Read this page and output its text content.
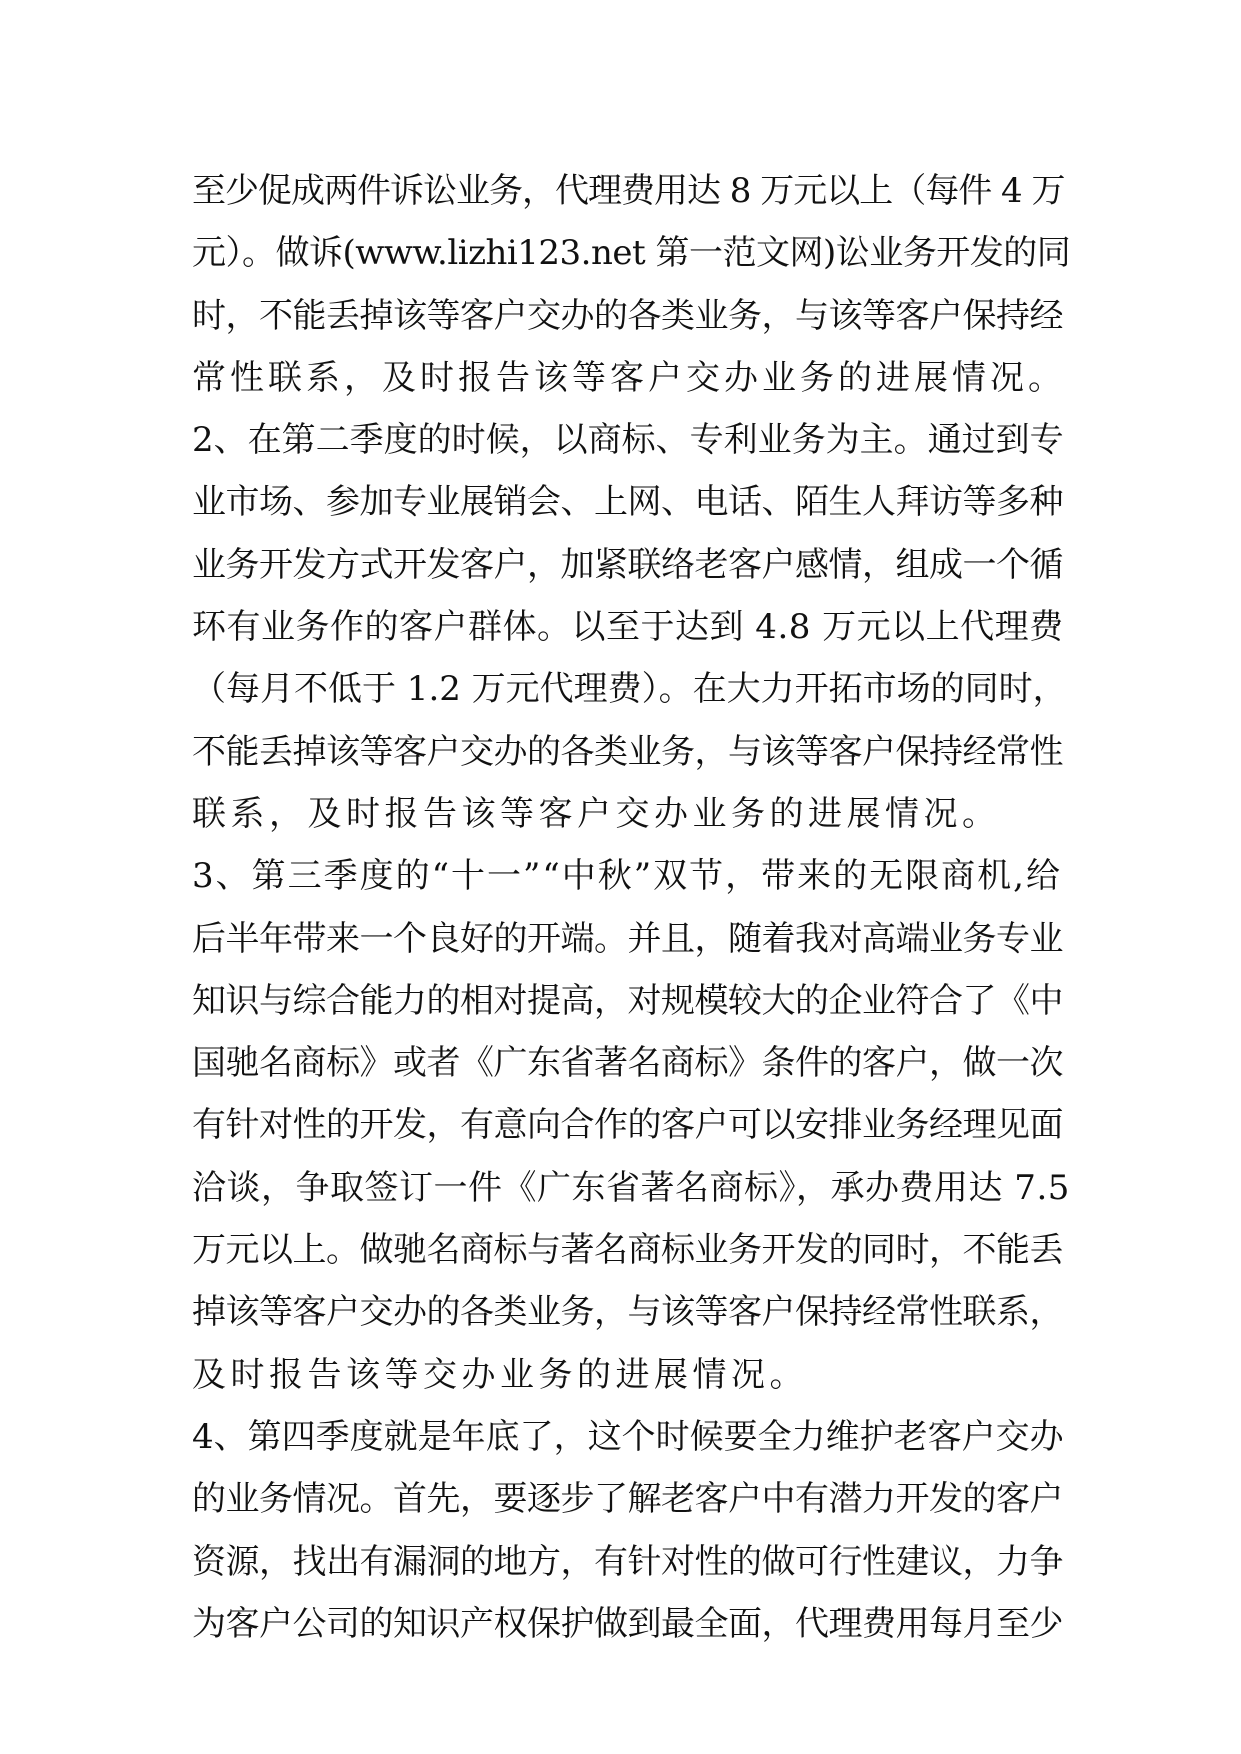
至少促成两件诉讼业务，代理费用达 8 万元以上（每件 4 万
元）。做诉(www.lizhi123.net 第一范文网)讼业务开发的同
时，不能丢掉该等客户交办的各类业务，与该等客户保持经
常性联系，及时报告该等客户交办业务的进展情况。
2、在第二季度的时候，以商标、专利业务为主。通过到专
业市场、参加专业展销会、上网、电话、陌生人拜访等多种
业务开发方式开发客户，加紧联络老客户感情，组成一个循
环有业务作的客户群体。以至于达到 4.8 万元以上代理费
（每月不低于 1.2 万元代理费）。在大力开拓市场的同时，
不能丢掉该等客户交办的各类业务，与该等客户保持经常性
联系，及时报告该等客户交办业务的进展情况。
3、第三季度的“十一”“中秋”双节，带来的无限商机,给
后半年带来一个良好的开端。并且，随着我对高端业务专业
知识与综合能力的相对提高，对规模较大的企业符合了《中
国驰名商标》或者《广东省著名商标》条件的客户，做一次
有针对性的开发，有意向合作的客户可以安排业务经理见面
洽谈，争取签订一件《广东省著名商标》，承办费用达 7.5
万元以上。做驰名商标与著名商标业务开发的同时，不能丢
掉该等客户交办的各类业务，与该等客户保持经常性联系，
及时报告该等交办业务的进展情况。
4、第四季度就是年底了，这个时候要全力维护老客户交办
的业务情况。首先，要逐步了解老客户中有潜力开发的客户
资源，找出有漏洞的地方，有针对性的做可行性建议，力争
为客户公司的知识产权保护做到最全面，代理费用每月至少
